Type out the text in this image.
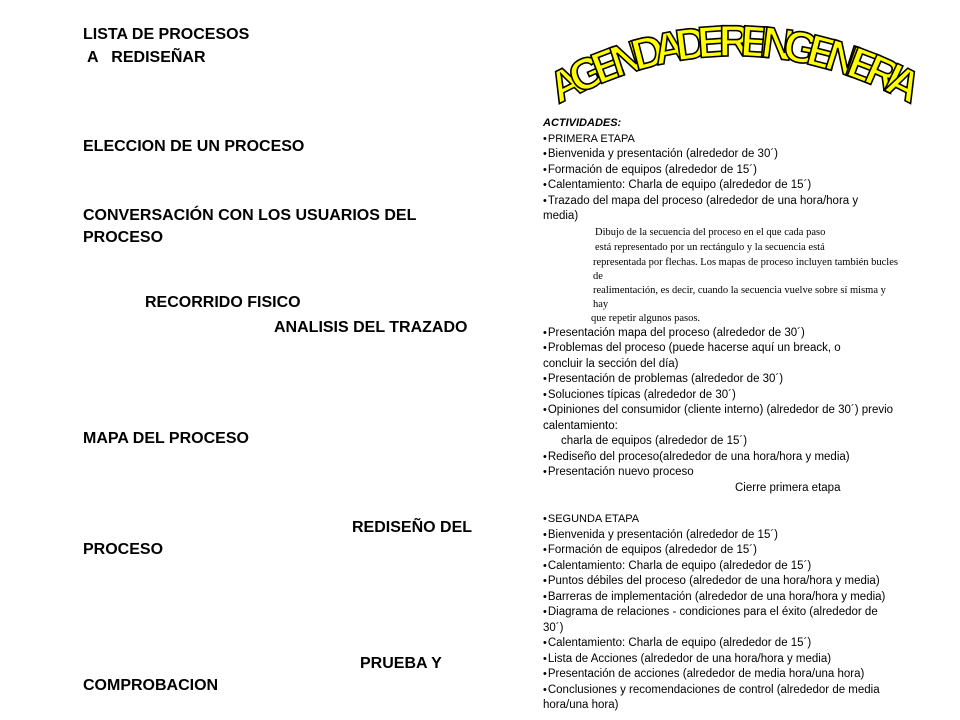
LISTA DE PROCESOS
A   REDISEÑAR
ELECCION DE UN PROCESO
CONVERSACIÓN CON LOS USUARIOS DEL
PROCESO
RECORRIDO FISICO
ANALISIS DEL TRAZADO
MAPA DEL PROCESO
REDISEÑO DEL
PROCESO
PRUEBA Y
COMPROBACION
AGENDA DE REINGENIERIA
ACTIVIDADES:
• PRIMERA ETAPA
• Bienvenida y presentación (alrededor de 30´)
• Formación de equipos (alrededor de 15´)
• Calentamiento: Charla de equipo (alrededor de 15´)
• Trazado del mapa del proceso (alrededor de una hora/hora y
media)
Dibujo de la secuencia del proceso en el que cada paso
está representado por un rectángulo y la secuencia está
representada por flechas. Los mapas de proceso incluyen también bucles
de
realimentación, es decir, cuando la secuencia vuelve sobre sí misma y
hay
que repetir algunos pasos.
• Presentación mapa del proceso (alrededor de 30´)
• Problemas del proceso (puede hacerse aquí un breack, o
concluir la sección del día)
• Presentación de problemas (alrededor de 30´)
• Soluciones típicas (alrededor de 30´)
• Opiniones del consumidor (cliente interno) (alrededor de 30´) previo
calentamiento:
charla de equipos (alrededor de 15´)
• Rediseño del proceso(alrededor de una hora/hora y media)
• Presentación nuevo proceso
Cierre primera etapa
• SEGUNDA ETAPA
• Bienvenida y presentación (alrededor de 15´)
• Formación de equipos (alrededor de 15´)
• Calentamiento: Charla de equipo (alrededor de 15´)
• Puntos débiles del proceso (alrededor de una hora/hora y media)
• Barreras de implementación (alrededor de una hora/hora y media)
• Diagrama de relaciones - condiciones para el éxito (alrededor de
30´)
• Calentamiento: Charla de equipo (alrededor de 15´)
• Lista de Acciones (alrededor de una hora/hora y media)
• Presentación de acciones (alrededor de media hora/una hora)
• Conclusiones y recomendaciones de control (alrededor de media
hora/una hora)
